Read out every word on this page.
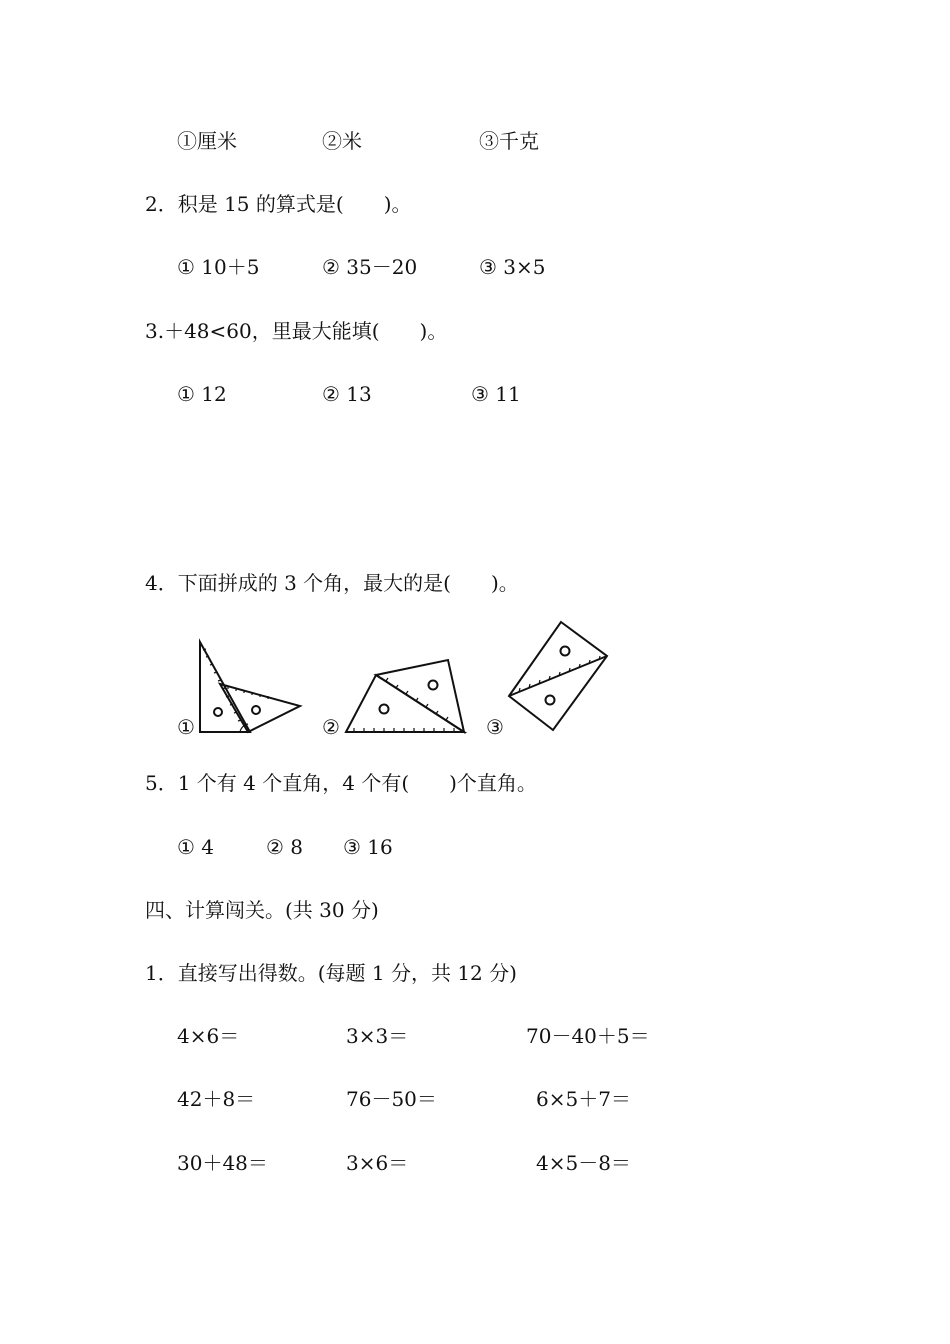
①厘米	②米	③千克
2．积是 15 的算式是(　　)。
① 10＋5	② 35－20	③ 3×5
3.＋48<60，里最大能填(　　)。
① 12	② 13	③ 11
4．下面拼成的 3 个角，最大的是(　　)。
①	②	③
5．1 个有 4 个直角，4 个有(　　)个直角。
① 4	② 8 ③ 16
四、计算闯关。(共 30 分)
1．直接写出得数。(每题 1 分，共 12 分)
4×6＝	3×3＝	70－40＋5＝
42＋8＝	76－50＝	6×5＋7＝
30＋48＝	3×6＝	4×5－8＝
